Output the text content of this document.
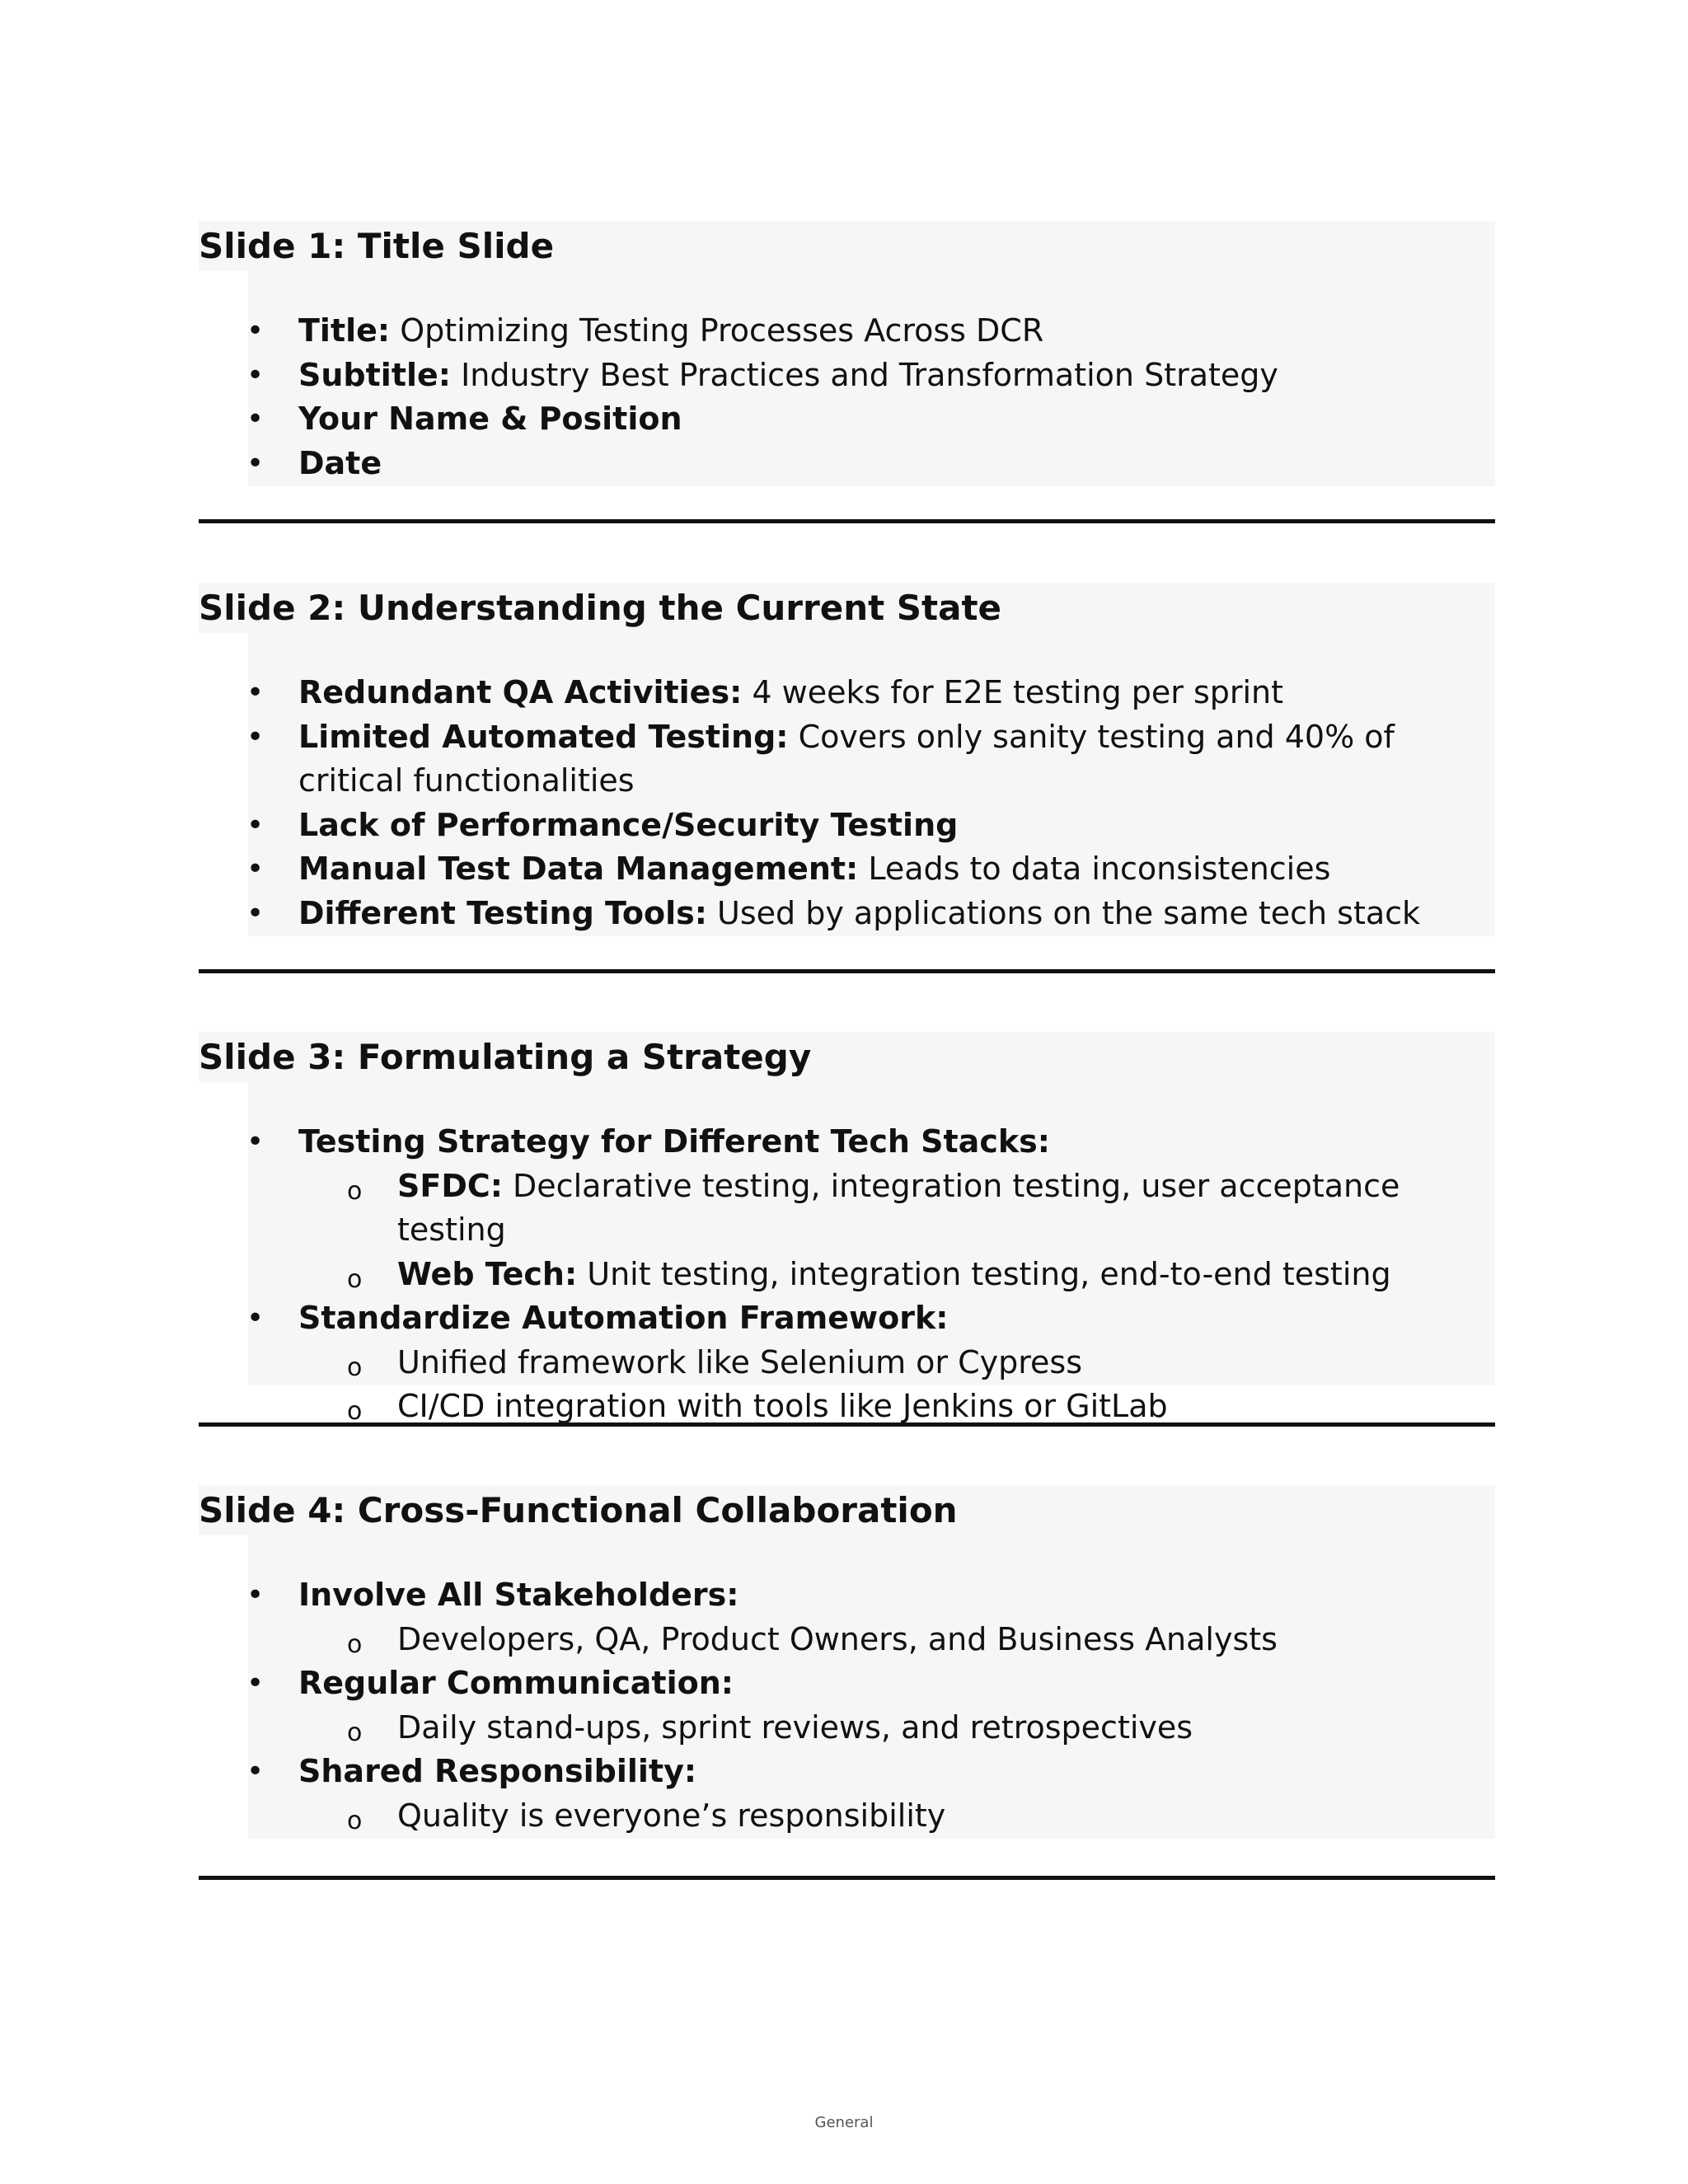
Slide 1: Title Slide
• Title: Optimizing Testing Processes Across DCR
• Subtitle: Industry Best Practices and Transformation Strategy
• Your Name & Position
• Date
Slide 2: Understanding the Current State
• Redundant QA Activities: 4 weeks for E2E testing per sprint
• Limited Automated Testing: Covers only sanity testing and 40% of critical functionalities
• Lack of Performance/Security Testing
• Manual Test Data Management: Leads to data inconsistencies
• Different Testing Tools: Used by applications on the same tech stack
Slide 3: Formulating a Strategy
• Testing Strategy for Different Tech Stacks:
o SFDC: Declarative testing, integration testing, user acceptance testing
o Web Tech: Unit testing, integration testing, end-to-end testing
• Standardize Automation Framework:
o Unified framework like Selenium or Cypress
o CI/CD integration with tools like Jenkins or GitLab
Slide 4: Cross-Functional Collaboration
• Involve All Stakeholders:
o Developers, QA, Product Owners, and Business Analysts
• Regular Communication:
o Daily stand-ups, sprint reviews, and retrospectives
• Shared Responsibility:
o Quality is everyone’s responsibility
General
